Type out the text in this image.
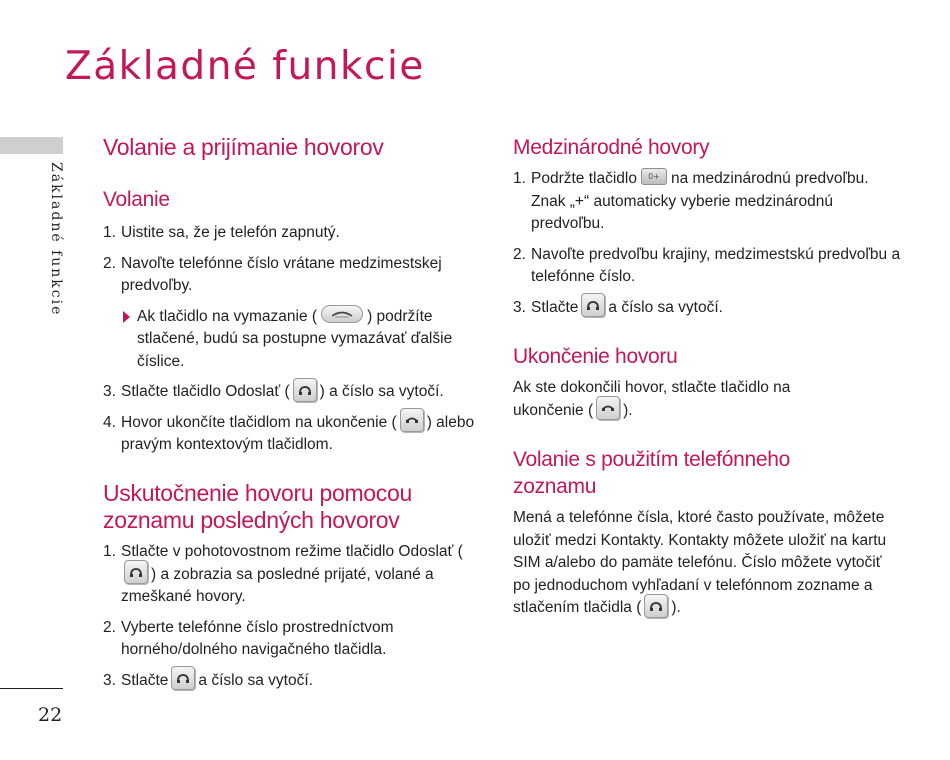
Základné funkcie
Základné funkcie
22
Volanie a prijímanie hovorov
Volanie
1. Uistite sa, že je telefón zapnutý.
2. Navoľte telefónne číslo vrátane medzimestskej predvoľby.
Ak tlačidlo na vymazanie (	) podržíte stlačené, budú sa postupne vymazávať ďalšie číslice.
3. Stlačte tlačidlo Odoslať ( ) a číslo sa vytočí.
4. Hovor ukončíte tlačidlom na ukončenie ( ) alebo pravým kontextovým tlačidlom.
Uskutočnenie hovoru pomocou zoznamu posledných hovorov
1. Stlačte v pohotovostnom režime tlačidlo Odoslať (
) a zobrazia sa posledné prijaté, volané a zmeškané hovory.
2. Vyberte telefónne číslo prostredníctvom horného/dolného navigačného tlačidla.
3. Stlačte a číslo sa vytočí.
Medzinárodné hovory
1. Podržte tlačidlo 0+ na medzinárodnú predvoľbu. Znak „+“ automaticky vyberie medzinárodnú predvoľbu.
2. Navoľte predvoľbu krajiny, medzimestskú predvoľbu a telefónne číslo.
3. Stlačte a číslo sa vytočí.
Ukončenie hovoru

Ak ste dokončili hovor, stlačte tlačidlo na ukončenie ( ).

Volanie s použitím telefónneho zoznamu

Mená a telefónne čísla, ktoré často používate, môžete uložiť medzi Kontakty. Kontakty môžete uložiť na kartu SIM a/alebo do pamäte telefónu. Číslo môžete vytočiť po jednoduchom vyhľadaní v telefónnom zozname a stlačením tlačidla ( ).
